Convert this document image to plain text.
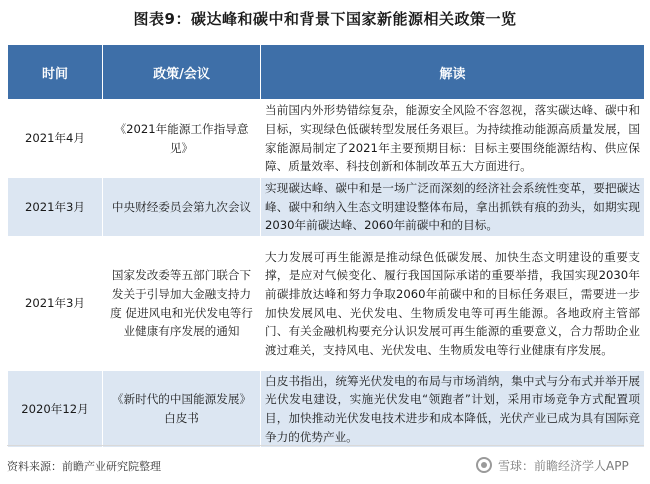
图表9：碳达峰和碳中和背景下国家新能源相关政策一览
时间	政策/会议	解读
2021年4月	《2021年能源工作指导意见》	当前国内外形势错综复杂，能源安全风险不容忽视，落实碳达峰、碳中和目标，实现绿色低碳转型发展任务艰巨。为持续推动能源高质量发展，国家能源局制定了2021年主要预期目标：目标主要围绕能源结构、供应保障、质量效率、科技创新和体制改革五大方面进行。
2021年3月	中央财经委员会第九次会议	实现碳达峰、碳中和是一场广泛而深刻的经济社会系统性变革，要把碳达峰、碳中和纳入生态文明建设整体布局，拿出抓铁有痕的劲头，如期实现2030年前碳达峰、2060年前碳中和的目标。
2021年3月	国家发改委等五部门联合下发关于引导加大金融支持力度 促进风电和光伏发电等行业健康有序发展的通知	大力发展可再生能源是推动绿色低碳发展、加快生态文明建设的重要支撑，是应对气候变化、履行我国国际承诺的重要举措，我国实现2030年前碳排放达峰和努力争取2060年前碳中和的目标任务艰巨，需要进一步加快发展风电、光伏发电、生物质发电等可再生能源。各地政府主管部门、有关金融机构要充分认识发展可再生能源的重要意义，合力帮助企业渡过难关，支持风电、光伏发电、生物质发电等行业健康有序发展。
2020年12月	《新时代的中国能源发展》白皮书	白皮书指出，统筹光伏发电的布局与市场消纳，集中式与分布式并举开展光伏发电建设，实施光伏发电“领跑者”计划，采用市场竞争方式配置项目，加快推动光伏发电技术进步和成本降低，光伏产业已成为具有国际竞争力的优势产业。
资料来源：前瞻产业研究院整理	雪球：前瞻经济学人APP
